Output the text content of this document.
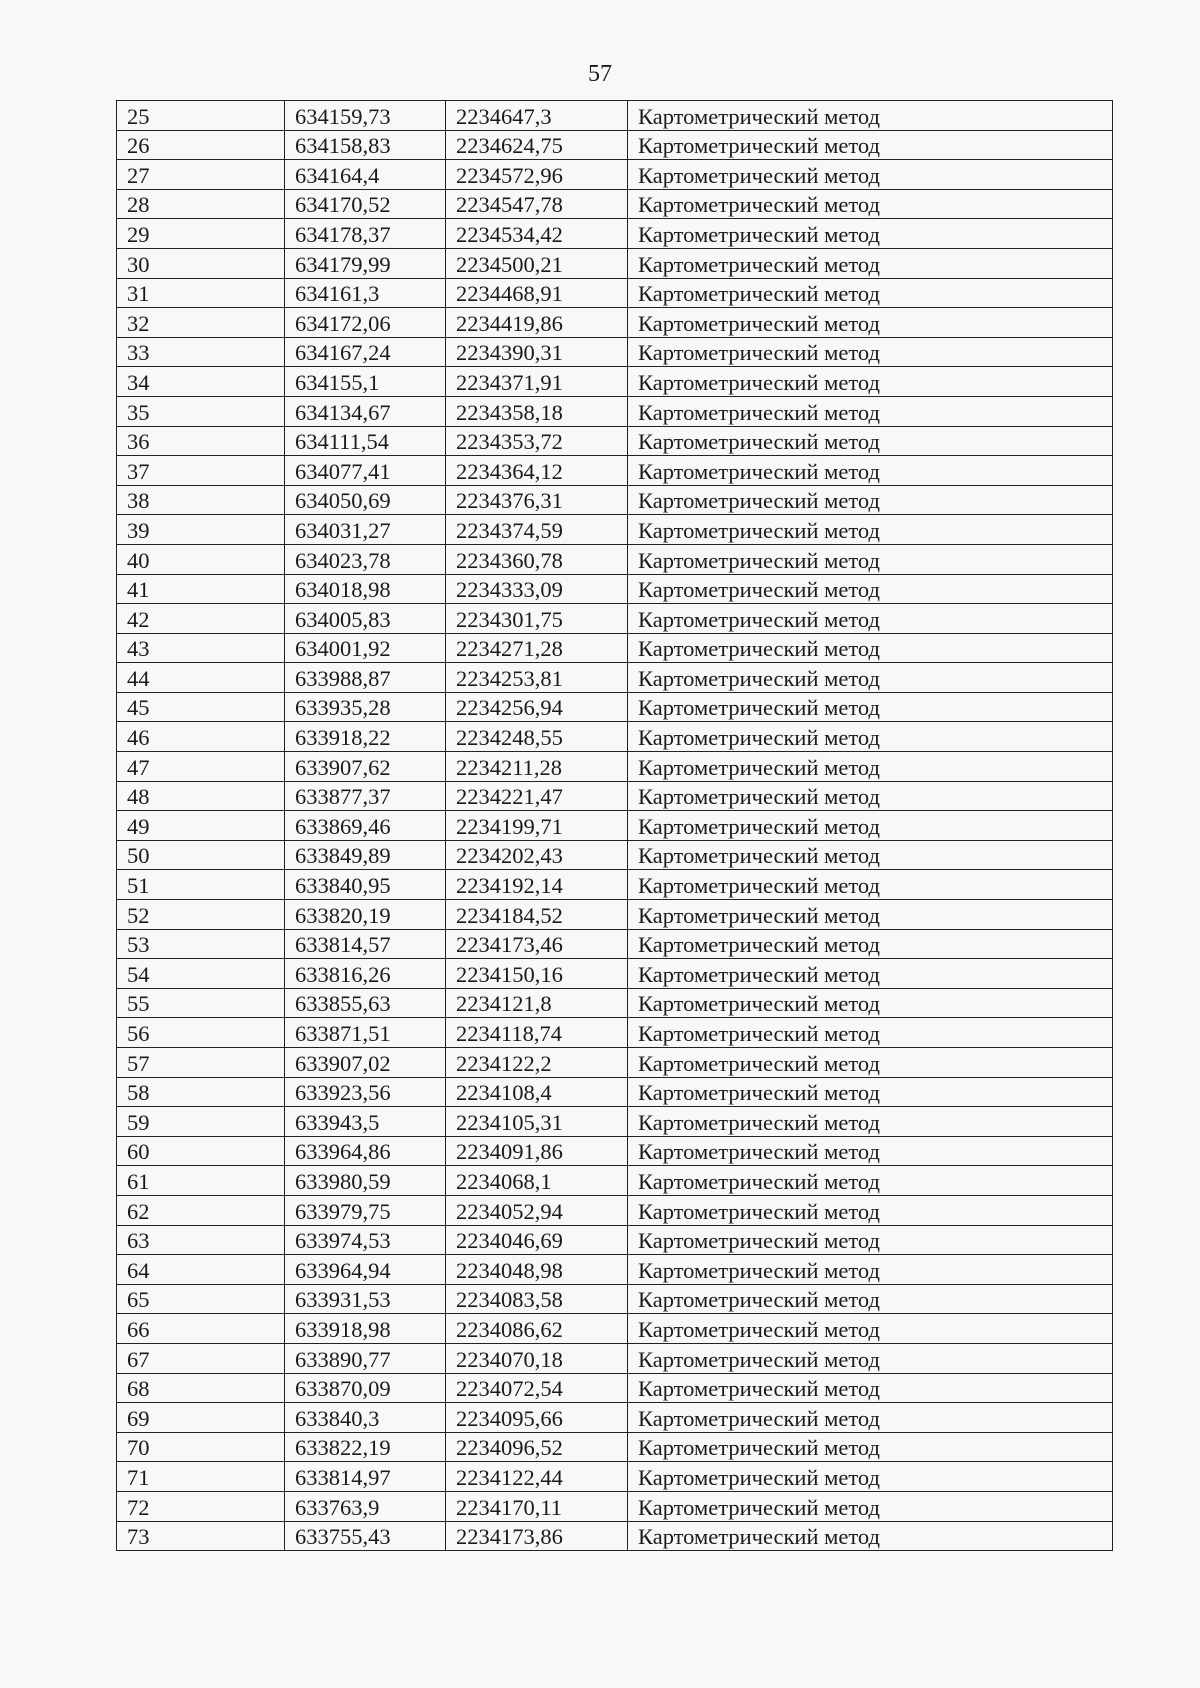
57
25	634159,73	2234647,3	Картометрический метод
26	634158,83	2234624,75	Картометрический метод
27	634164,4	2234572,96	Картометрический метод
28	634170,52	2234547,78	Картометрический метод
29	634178,37	2234534,42	Картометрический метод
30	634179,99	2234500,21	Картометрический метод
31	634161,3	2234468,91	Картометрический метод
32	634172,06	2234419,86	Картометрический метод
33	634167,24	2234390,31	Картометрический метод
34	634155,1	2234371,91	Картометрический метод
35	634134,67	2234358,18	Картометрический метод
36	634111,54	2234353,72	Картометрический метод
37	634077,41	2234364,12	Картометрический метод
38	634050,69	2234376,31	Картометрический метод
39	634031,27	2234374,59	Картометрический метод
40	634023,78	2234360,78	Картометрический метод
41	634018,98	2234333,09	Картометрический метод
42	634005,83	2234301,75	Картометрический метод
43	634001,92	2234271,28	Картометрический метод
44	633988,87	2234253,81	Картометрический метод
45	633935,28	2234256,94	Картометрический метод
46	633918,22	2234248,55	Картометрический метод
47	633907,62	2234211,28	Картометрический метод
48	633877,37	2234221,47	Картометрический метод
49	633869,46	2234199,71	Картометрический метод
50	633849,89	2234202,43	Картометрический метод
51	633840,95	2234192,14	Картометрический метод
52	633820,19	2234184,52	Картометрический метод
53	633814,57	2234173,46	Картометрический метод
54	633816,26	2234150,16	Картометрический метод
55	633855,63	2234121,8	Картометрический метод
56	633871,51	2234118,74	Картометрический метод
57	633907,02	2234122,2	Картометрический метод
58	633923,56	2234108,4	Картометрический метод
59	633943,5	2234105,31	Картометрический метод
60	633964,86	2234091,86	Картометрический метод
61	633980,59	2234068,1	Картометрический метод
62	633979,75	2234052,94	Картометрический метод
63	633974,53	2234046,69	Картометрический метод
64	633964,94	2234048,98	Картометрический метод
65	633931,53	2234083,58	Картометрический метод
66	633918,98	2234086,62	Картометрический метод
67	633890,77	2234070,18	Картометрический метод
68	633870,09	2234072,54	Картометрический метод
69	633840,3	2234095,66	Картометрический метод
70	633822,19	2234096,52	Картометрический метод
71	633814,97	2234122,44	Картометрический метод
72	633763,9	2234170,11	Картометрический метод
73	633755,43	2234173,86	Картометрический метод
